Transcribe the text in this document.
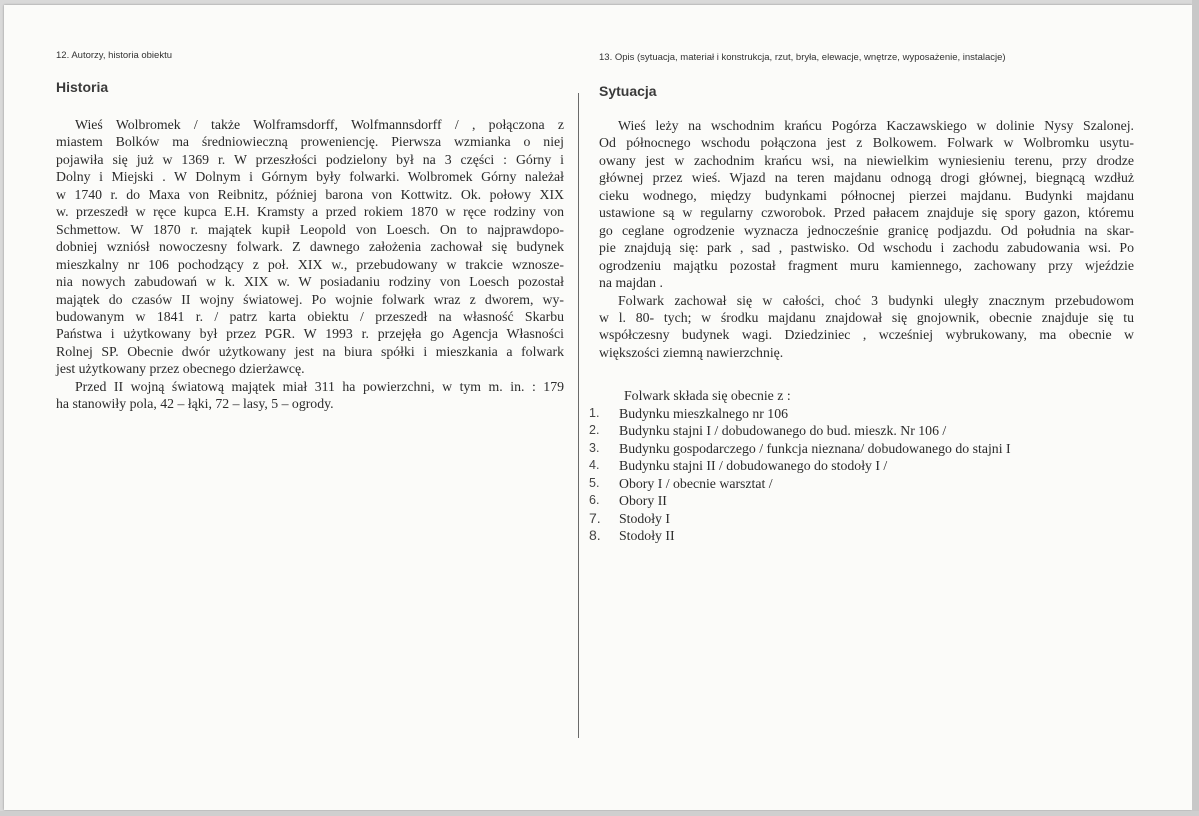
12. Autorzy, historia obiektu

Historia

Wieś Wolbromek / także Wolframsdorff, Wolfmannsdorff / , połączona z
miastem Bolków ma średniowieczną proweniencję. Pierwsza wzmianka o niej
pojawiła się już w 1369 r. W przeszłości podzielony był na 3 części : Górny i
Dolny i Miejski . W Dolnym i Górnym były folwarki. Wolbromek Górny należał
w 1740 r. do Maxa von Reibnitz, później barona von Kottwitz. Ok. połowy XIX
w. przeszedł w ręce kupca E.H. Kramsty a przed rokiem 1870 w ręce rodziny von
Schmettow. W 1870 r. majątek kupił Leopold von Loesch. On to najprawdopo-
dobniej wzniósł nowoczesny folwark. Z dawnego założenia zachował się budynek
mieszkalny nr 106 pochodzący z poł. XIX w., przebudowany w trakcie wznosze-
nia nowych zabudowań w k. XIX w. W posiadaniu rodziny von Loesch pozostał
majątek do czasów II wojny światowej. Po wojnie folwark wraz z dworem, wy-
budowanym w 1841 r. / patrz karta obiektu / przeszedł na własność Skarbu
Państwa i użytkowany był przez PGR. W 1993 r. przejęła go Agencja Własności
Rolnej SP. Obecnie dwór użytkowany jest na biura spółki i mieszkania a folwark
jest użytkowany przez obecnego dzierżawcę.

Przed II wojną światową majątek miał 311 ha powierzchni, w tym m. in. : 179
ha stanowiły pola, 42 – łąki, 72 – lasy, 5 – ogrody.

13. Opis (sytuacja, materiał i konstrukcja, rzut, bryła, elewacje, wnętrze, wyposażenie, instalacje)

Sytuacja

Wieś leży na wschodnim krańcu Pogórza Kaczawskiego w dolinie Nysy Szalonej.
Od północnego wschodu połączona jest z Bolkowem. Folwark w Wolbromku usytu-
owany jest w zachodnim krańcu wsi, na niewielkim wyniesieniu terenu, przy drodze
głównej przez wieś. Wjazd na teren majdanu odnogą drogi głównej, biegnącą wzdłuż
cieku wodnego, między budynkami północnej pierzei majdanu. Budynki majdanu
ustawione są w regularny czworobok. Przed pałacem znajduje się spory gazon, któremu
go ceglane ogrodzenie wyznacza jednocześnie granicę podjazdu. Od południa na skar-
pie znajdują się: park , sad , pastwisko. Od wschodu i zachodu zabudowania wsi. Po
ogrodzeniu majątku pozostał fragment muru kamiennego, zachowany przy wjeździe
na majdan .

Folwark zachował się w całości, choć 3 budynki uległy znacznym przebudowom
w l. 80- tych; w środku majdanu znajdował się gnojownik, obecnie znajduje się tu
współczesny budynek wagi. Dziedziniec , wcześniej wybrukowany, ma obecnie w
większości ziemną nawierzchnię.

Folwark składa się obecnie z :

1. Budynku mieszkalnego nr 106
2. Budynku stajni I / dobudowanego do bud. mieszk. Nr 106 /
3. Budynku gospodarczego / funkcja nieznana/ dobudowanego do stajni I
4. Budynku stajni II / dobudowanego do stodoły I /
5. Obory I / obecnie warsztat /
6. Obory II
7. Stodoły I
8. Stodoły II
